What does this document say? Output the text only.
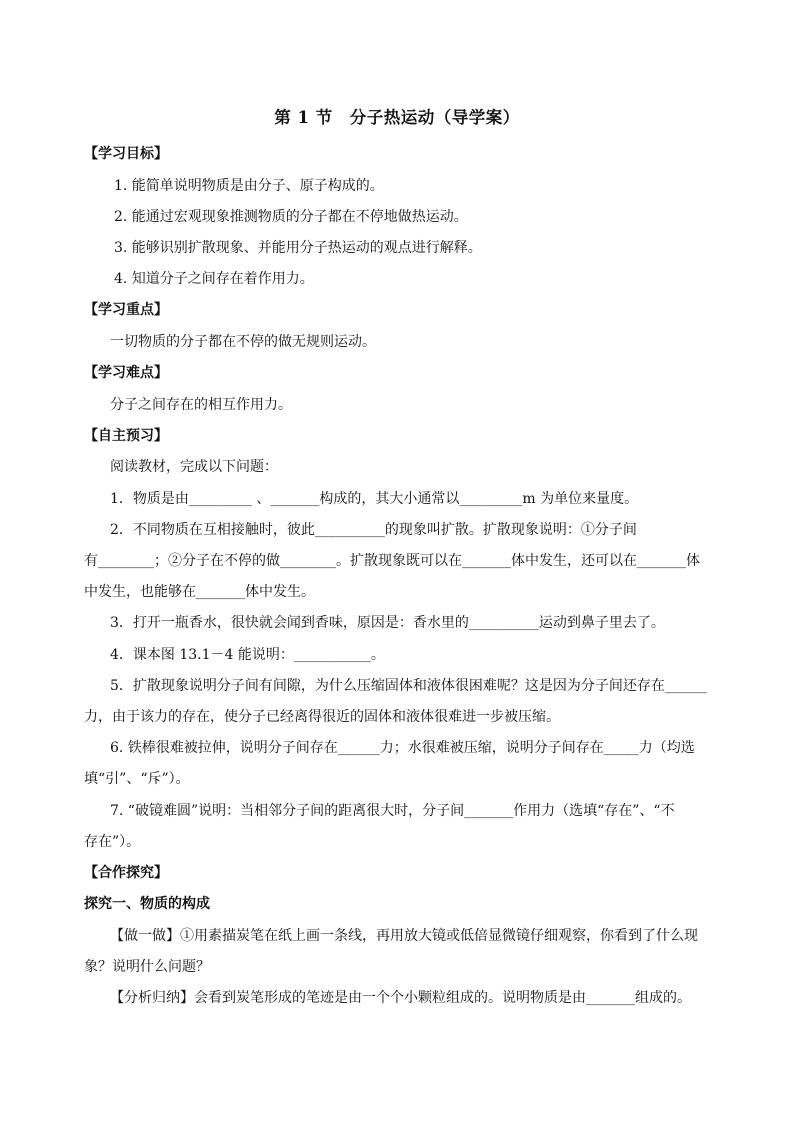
第 1 节　分子热运动（导学案）
【学习目标】
1. 能简单说明物质是由分子、原子构成的。
2. 能通过宏观现象推测物质的分子都在不停地做热运动。
3. 能够识别扩散现象、并能用分子热运动的观点进行解释。
4. 知道分子之间存在着作用力。
【学习重点】
一切物质的分子都在不停的做无规则运动。
【学习难点】
分子之间存在的相互作用力。
【自主预习】
阅读教材，完成以下问题：
1．物质是由_________ 、_______构成的，其大小通常以_________m 为单位来量度。
2．不同物质在互相接触时，彼此__________的现象叫扩散。扩散现象说明：①分子间
有________；②分子在不停的做________。扩散现象既可以在_______体中发生，还可以在_______体
中发生，也能够在_______体中发生。
3．打开一瓶香水，很快就会闻到香味，原因是：香水里的__________运动到鼻子里去了。
4．课本图 13.1－4 能说明：___________。
5．扩散现象说明分子间有间隙，为什么压缩固体和液体很困难呢？这是因为分子间还存在______
力，由于该力的存在，使分子已经离得很近的固体和液体很难进一步被压缩。
6. 铁棒很难被拉伸，说明分子间存在______力；水很难被压缩，说明分子间存在_____力（均选
填“引”、“斥”）。
7. “破镜难圆”说明：当相邻分子间的距离很大时，分子间_______作用力（选填“存在”、“不
存在”）。
【合作探究】
探究一、物质的构成
【做一做】①用素描炭笔在纸上画一条线，再用放大镜或低倍显微镜仔细观察，你看到了什么现
象？说明什么问题？
【分析归纳】会看到炭笔形成的笔迹是由一个个小颗粒组成的。说明物质是由_______组成的。
